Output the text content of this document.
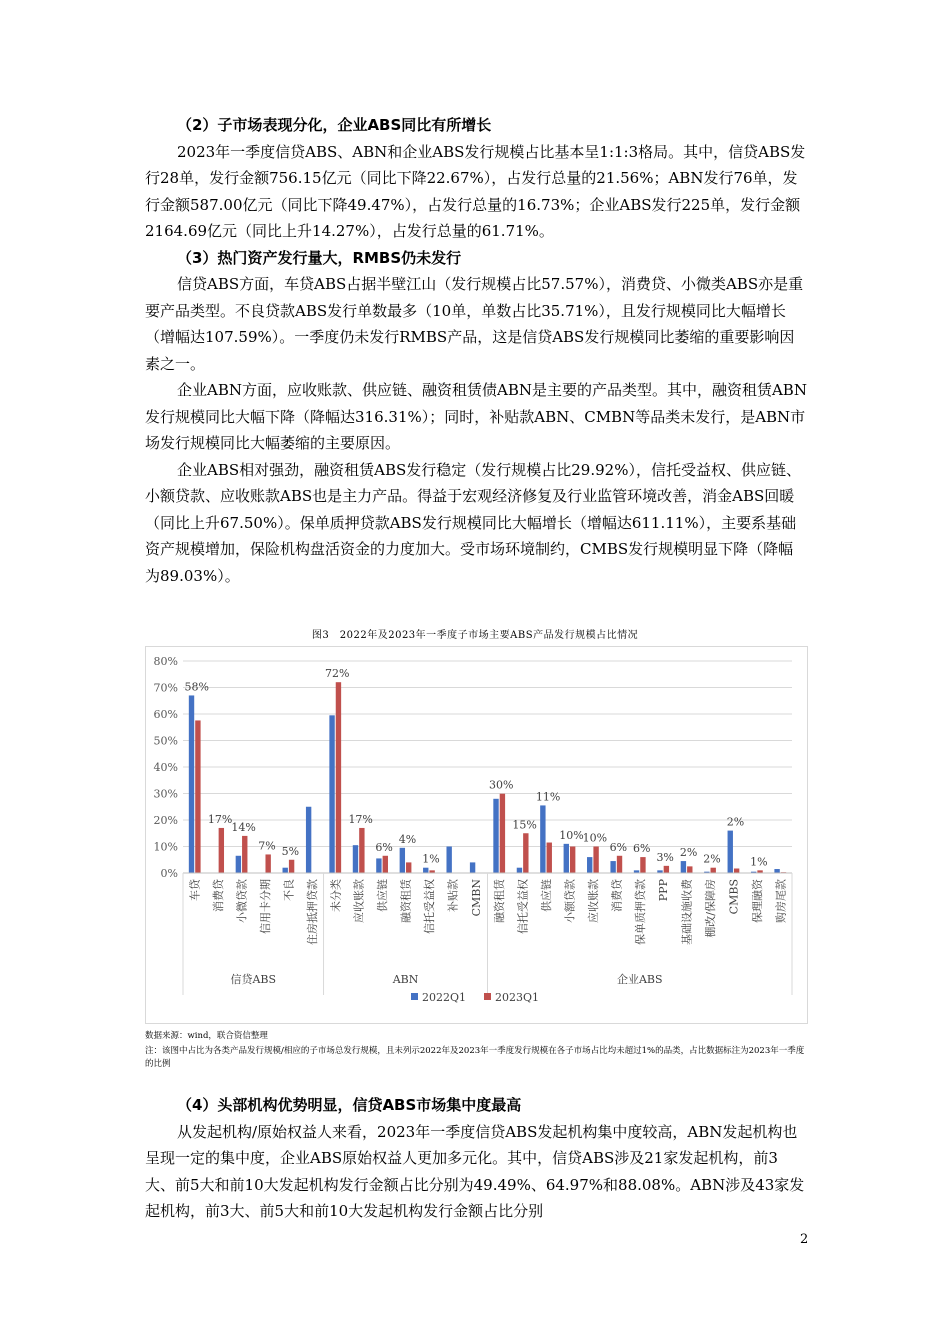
（2）子市场表现分化，企业ABS同比有所增长
2023年一季度信贷ABS、ABN和企业ABS发行规模占比基本呈1:1:3格局。其中，信贷ABS发行28单，发行金额756.15亿元（同比下降22.67%），占发行总量的21.56%；ABN发行76单，发行金额587.00亿元（同比下降49.47%），占发行总量的16.73%；企业ABS发行225单，发行金额2164.69亿元（同比上升14.27%），占发行总量的61.71%。
（3）热门资产发行量大，RMBS仍未发行
信贷ABS方面，车贷ABS占据半壁江山（发行规模占比57.57%），消费贷、小微类ABS亦是重要产品类型。不良贷款ABS发行单数最多（10单，单数占比35.71%），且发行规模同比大幅增长（增幅达107.59%）。一季度仍未发行RMBS产品，这是信贷ABS发行规模同比萎缩的重要影响因素之一。
企业ABN方面，应收账款、供应链、融资租赁债ABN是主要的产品类型。其中，融资租赁ABN发行规模同比大幅下降（降幅达316.31%）；同时，补贴款ABN、CMBN等品类未发行，是ABN市场发行规模同比大幅萎缩的主要原因。
企业ABS相对强劲，融资租赁ABS发行稳定（发行规模占比29.92%），信托受益权、供应链、小额贷款、应收账款ABS也是主力产品。得益于宏观经济修复及行业监管环境改善，消金ABS回暖（同比上升67.50%）。保单质押贷款ABS发行规模同比大幅增长（增幅达611.11%），主要系基础资产规模增加，保险机构盘活资金的力度加大。受市场环境制约，CMBS发行规模明显下降（降幅为89.03%）。
图3　2022年及2023年一季度子市场主要ABS产品发行规模占比情况
0%
10%
20%
30%
40%
50%
60%
70%
80%
58%
车贷
17%
消费贷
14%
小微贷款
7%
信用卡分期
5%
不良 住房抵押贷款
信贷ABS
72%
未分类
17%
应收账款
6%
供应链
4%
融资租赁
1%
信托受益权 补贴款 CMBN
ABN
30%
融资租赁
15%
信托受益权
11%
供应链
10%
小额贷款
10%
应收账款
6%
消费贷
6%
保单质押贷款
3%
PPP
2%
基础设施收费
2%
棚改/保障房
2%
CMBS
1%
保理融资 购房尾款
企业ABS
2022Q1	2023Q1
数据来源：wind，联合资信整理
注：该图中占比为各类产品发行规模/相应的子市场总发行规模，且未列示2022年及2023年一季度发行规模在各子市场占比均未超过1%的品类，占比数据标注为2023年一季度的比例
（4）头部机构优势明显，信贷ABS市场集中度最高
从发起机构/原始权益人来看，2023年一季度信贷ABS发起机构集中度较高，ABN发起机构也呈现一定的集中度，企业ABS原始权益人更加多元化。其中，信贷ABS涉及21家发起机构，前3大、前5大和前10大发起机构发行金额占比分别为49.49%、64.97%和88.08%。ABN涉及43家发起机构，前3大、前5大和前10大发起机构发行金额占比分别
2
